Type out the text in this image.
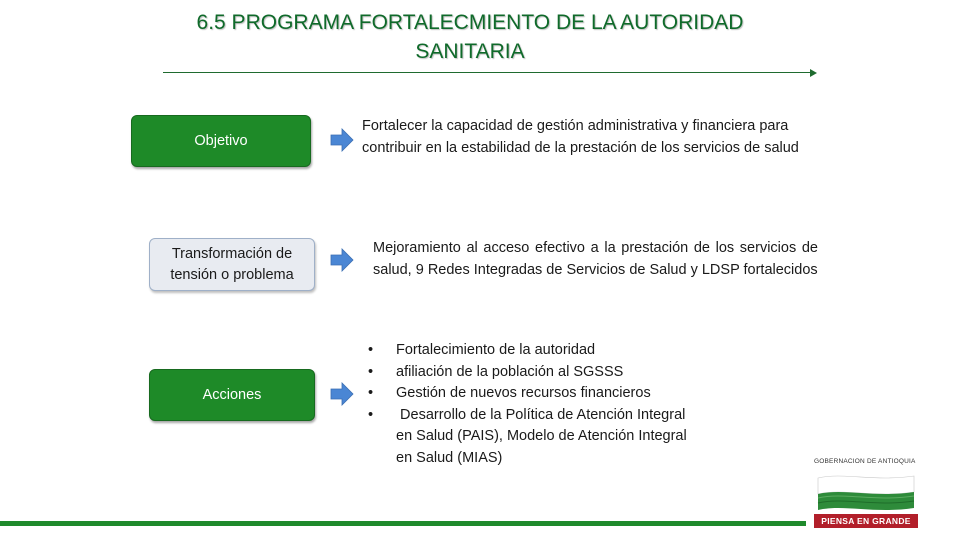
6.5 PROGRAMA FORTALECMIENTO DE LA AUTORIDAD
SANITARIA
Objetivo
Fortalecer la capacidad de gestión administrativa y financiera para contribuir en la estabilidad de la prestación de los servicios de salud
Transformación de tensión o problema
Mejoramiento al acceso efectivo a la prestación de los servicios de salud, 9 Redes Integradas de Servicios de Salud y LDSP fortalecidos
Acciones
• Fortalecimiento de la autoridad
• afiliación de la población al SGSSS
• Gestión de nuevos recursos financieros
• Desarrollo de la Política de Atención Integral en Salud (PAIS), Modelo de Atención Integral en Salud (MIAS)	GOBERNACIÓN DE ANTIOQUIA
PIENSA EN GRANDE
